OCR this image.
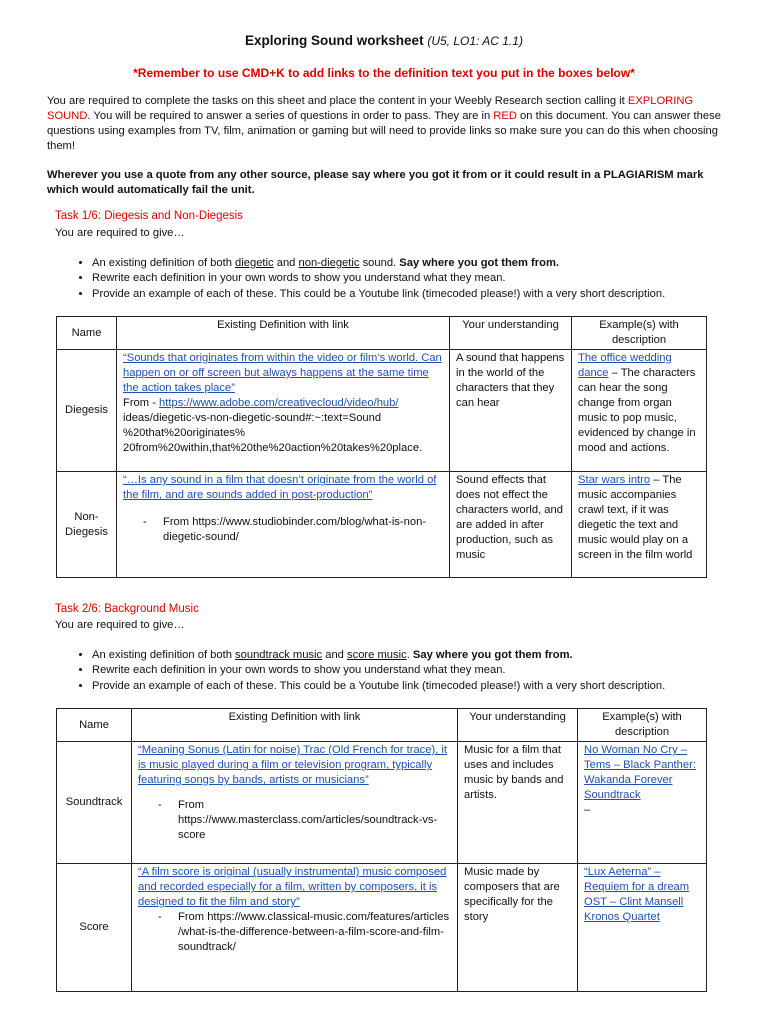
Exploring Sound worksheet (U5, LO1: AC 1.1)
*Remember to use CMD+K to add links to the definition text you put in the boxes below*
You are required to complete the tasks on this sheet and place the content in your Weebly Research section calling it EXPLORING SOUND. You will be required to answer a series of questions in order to pass. They are in RED on this document. You can answer these questions using examples from TV, film, animation or gaming but will need to provide links so make sure you can do this when choosing them!
Wherever you use a quote from any other source, please say where you got it from or it could result in a PLAGIARISM mark which would automatically fail the unit.
Task 1/6: Diegesis and Non-Diegesis
You are required to give…
• An existing definition of both diegetic and non-diegetic sound. Say where you got them from.
• Rewrite each definition in your own words to show you understand what they mean.
• Provide an example of each of these. This could be a Youtube link (timecoded please!) with a very short description.
Name	Existing Definition with link	Your understanding	Example(s) with description
Diegesis	“Sounds that originates from within the video or film’s world. Can happen on or off screen but always happens at the same time the action takes place”
From - https://www.adobe.com/creativecloud/video/hub/
ideas/diegetic-vs-non-diegetic-sound#:~:text=Sound %20that%20originates% 20from%20within,that%20the%20action%20takes%20place.	A sound that happens in the world of the characters that they can hear	The office wedding dance – The characters can hear the song change from organ music to pop music, evidenced by change in mood and actions.
Non-Diegesis	“…Is any sound in a film that doesn’t originate from the world of the film, and are sounds added in post-production”
- From https://www.studiobinder.com/blog/what-is-non-diegetic-sound/	Sound effects that does not effect the characters world, and are added in after production, such as music	Star wars intro – The music accompanies crawl text, if it was diegetic the text and music would play on a screen in the film world
Task 2/6: Background Music
You are required to give…
• An existing definition of both soundtrack music and score music. Say where you got them from.
• Rewrite each definition in your own words to show you understand what they mean.
• Provide an example of each of these. This could be a Youtube link (timecoded please!) with a very short description.
Name	Existing Definition with link	Your understanding	Example(s) with description
Soundtrack	“Meaning Sonus (Latin for noise) Trac (Old French for trace), it is music played during a film or television program, typically featuring songs by bands, artists or musicians”
- From https://www.masterclass.com/articles/soundtrack-vs-score	Music for a film that uses and includes music by bands and artists.	No Woman No Cry – Tems – Black Panther: Wakanda Forever Soundtrack
–
Score	“A film score is original (usually instrumental) music composed and recorded especially for a film, written by composers, it is designed to fit the film and story”
- From https://www.classical-music.com/features/articles /what-is-the-difference-between-a-film-score-and-film-soundtrack/	Music made by composers that are specifically for the story	“Lux Aeterna” – Requiem for a dream OST – Clint Mansell Kronos Quartet
